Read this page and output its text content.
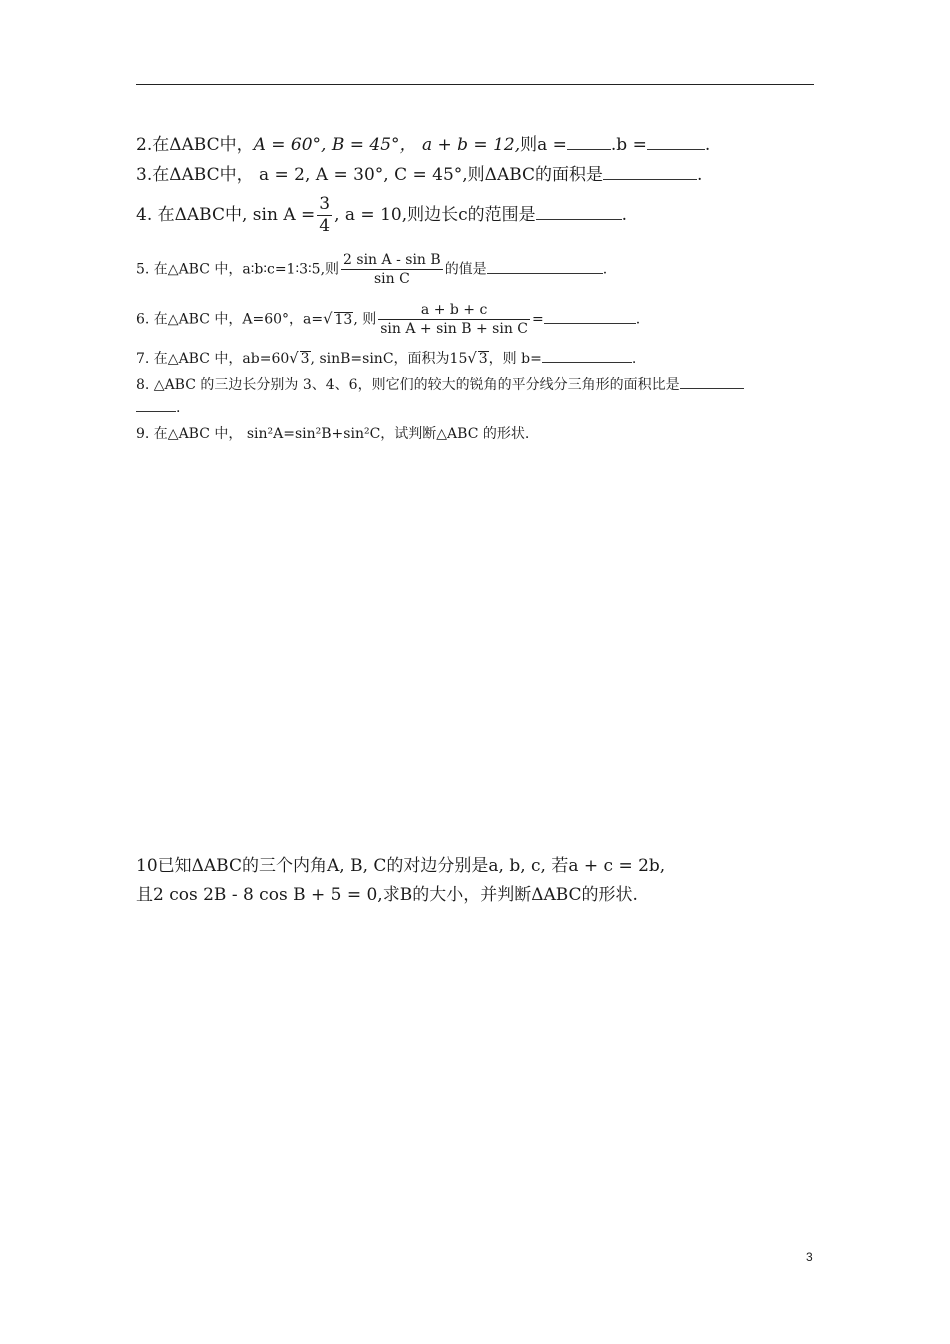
2.在ΔABC中，A = 60°, B = 45°， a + b = 12,则a =	.b =	.
3.在ΔABC中， a = 2, A = 30°, C = 45°,则ΔABC的面积是	.
4. 在ΔABC中, $\sin A = \frac{3}{4}$ , a = 10,则边长c的范围是	.
5. 在△ABC 中，a∶b∶c=1∶3∶5,则 $\frac{\text{2 sin A - sin B}}{\text{sin C}}$ 的值是	.
6. 在△ABC 中，A=60°，a=√ 13, 则 $\frac{a + b + c}{\text{sin A + sin B + sin C}}$ =	.
7. 在△ABC 中，ab=60√ 3, sinB=sinC，面积为15√ 3，则 b=	.
8. △ABC 的三边长分别为 3、4、6，则它们的较大的锐角的平分线分三角形的面积比是
.
9. 在△ABC 中， sin²A=sin²B+sin²C，试判断△ABC 的形状.
10已知ΔABC的三个内角A, B, C的对边分别是a, b, c, 若a + c = 2b,
且2 cos 2B - 8 cos B + 5 = 0,求B的大小，并判断ΔABC的形状.
3
